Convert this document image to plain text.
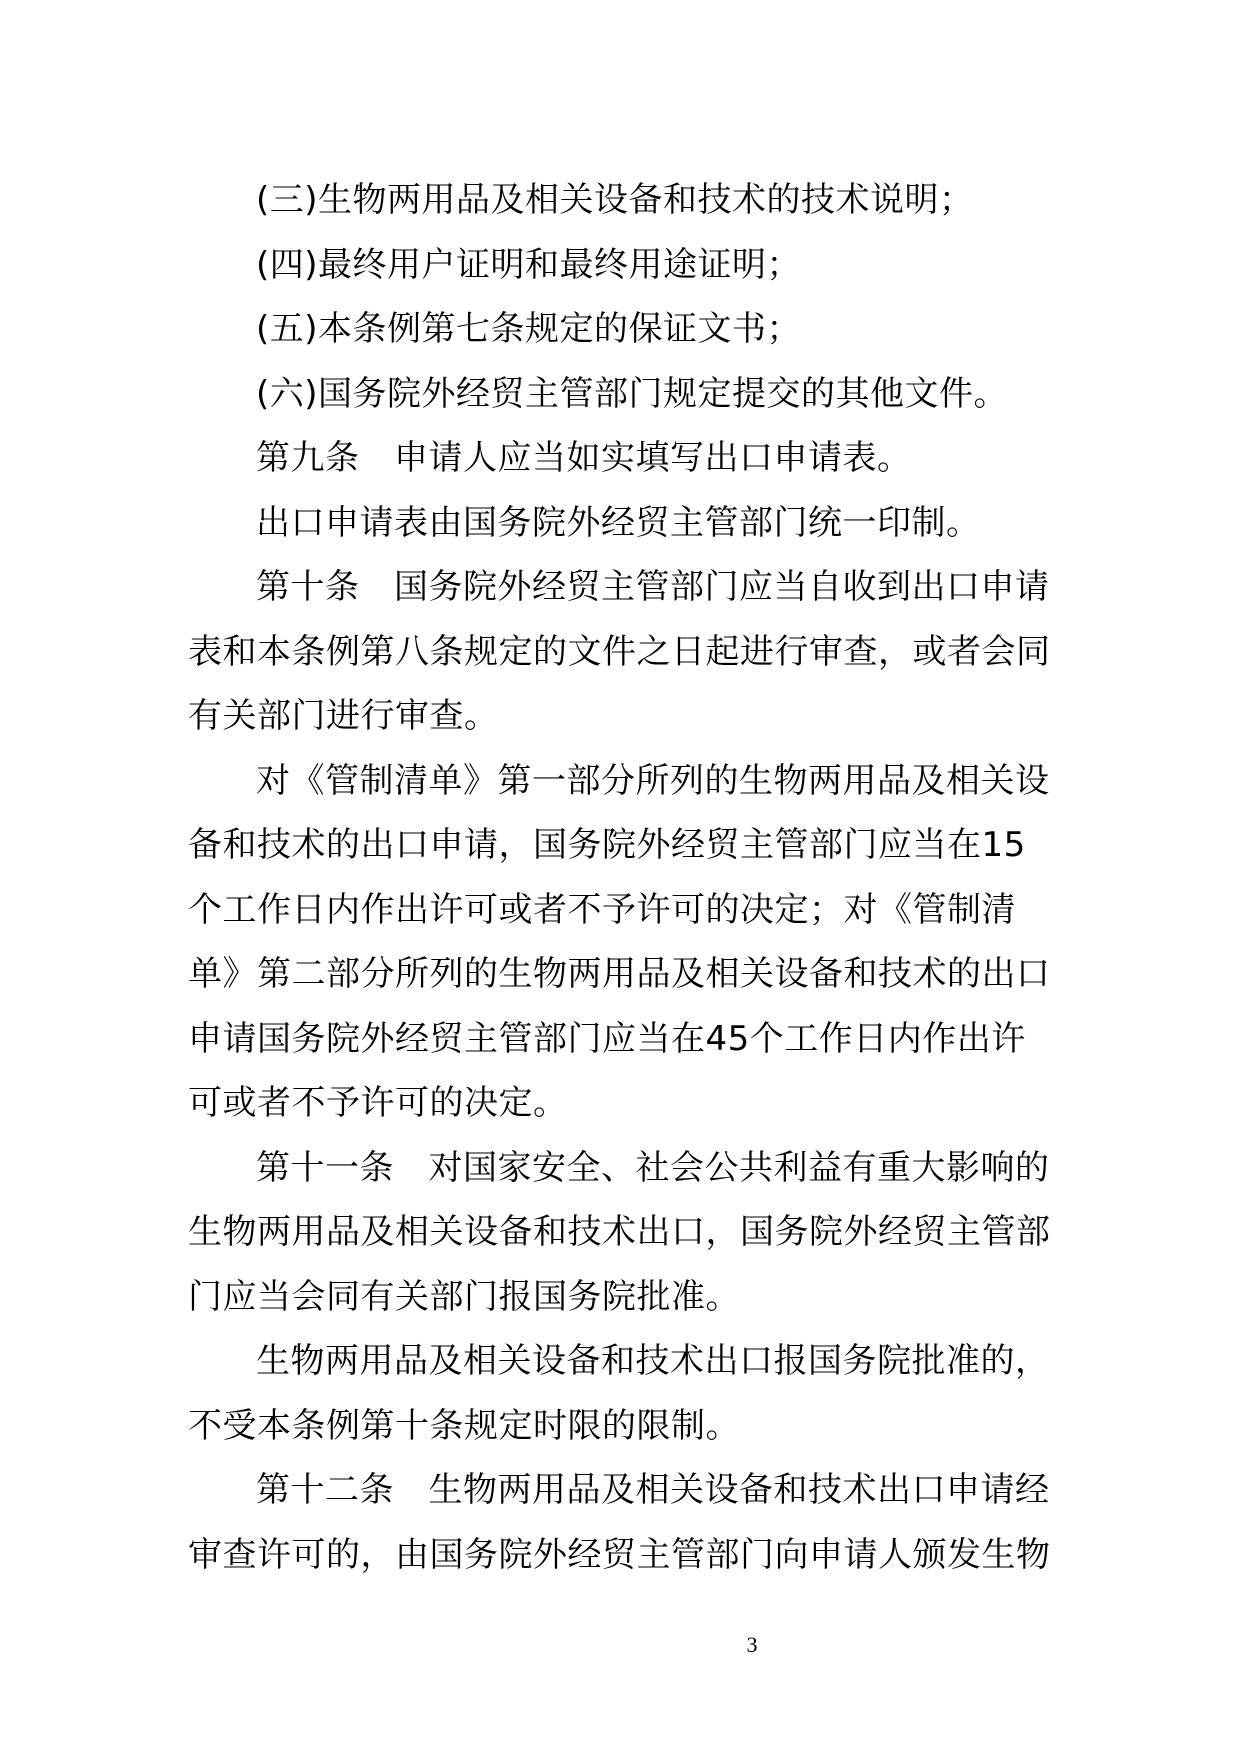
(三)生物两用品及相关设备和技术的技术说明；

(四)最终用户证明和最终用途证明；

(五)本条例第七条规定的保证文书；

(六)国务院外经贸主管部门规定提交的其他文件。

第九条　申请人应当如实填写出口申请表。

出口申请表由国务院外经贸主管部门统一印制。

第十条　国务院外经贸主管部门应当自收到出口申请表和本条例第八条规定的文件之日起进行审查，或者会同有关部门进行审查。

对《管制清单》第一部分所列的生物两用品及相关设备和技术的出口申请，国务院外经贸主管部门应当在15个工作日内作出许可或者不予许可的决定；对《管制清单》第二部分所列的生物两用品及相关设备和技术的出口申请国务院外经贸主管部门应当在45个工作日内作出许可或者不予许可的决定。

第十一条　对国家安全、社会公共利益有重大影响的生物两用品及相关设备和技术出口，国务院外经贸主管部门应当会同有关部门报国务院批准。

生物两用品及相关设备和技术出口报国务院批准的，不受本条例第十条规定时限的限制。

第十二条　生物两用品及相关设备和技术出口申请经审查许可的，由国务院外经贸主管部门向申请人颁发生物

3
